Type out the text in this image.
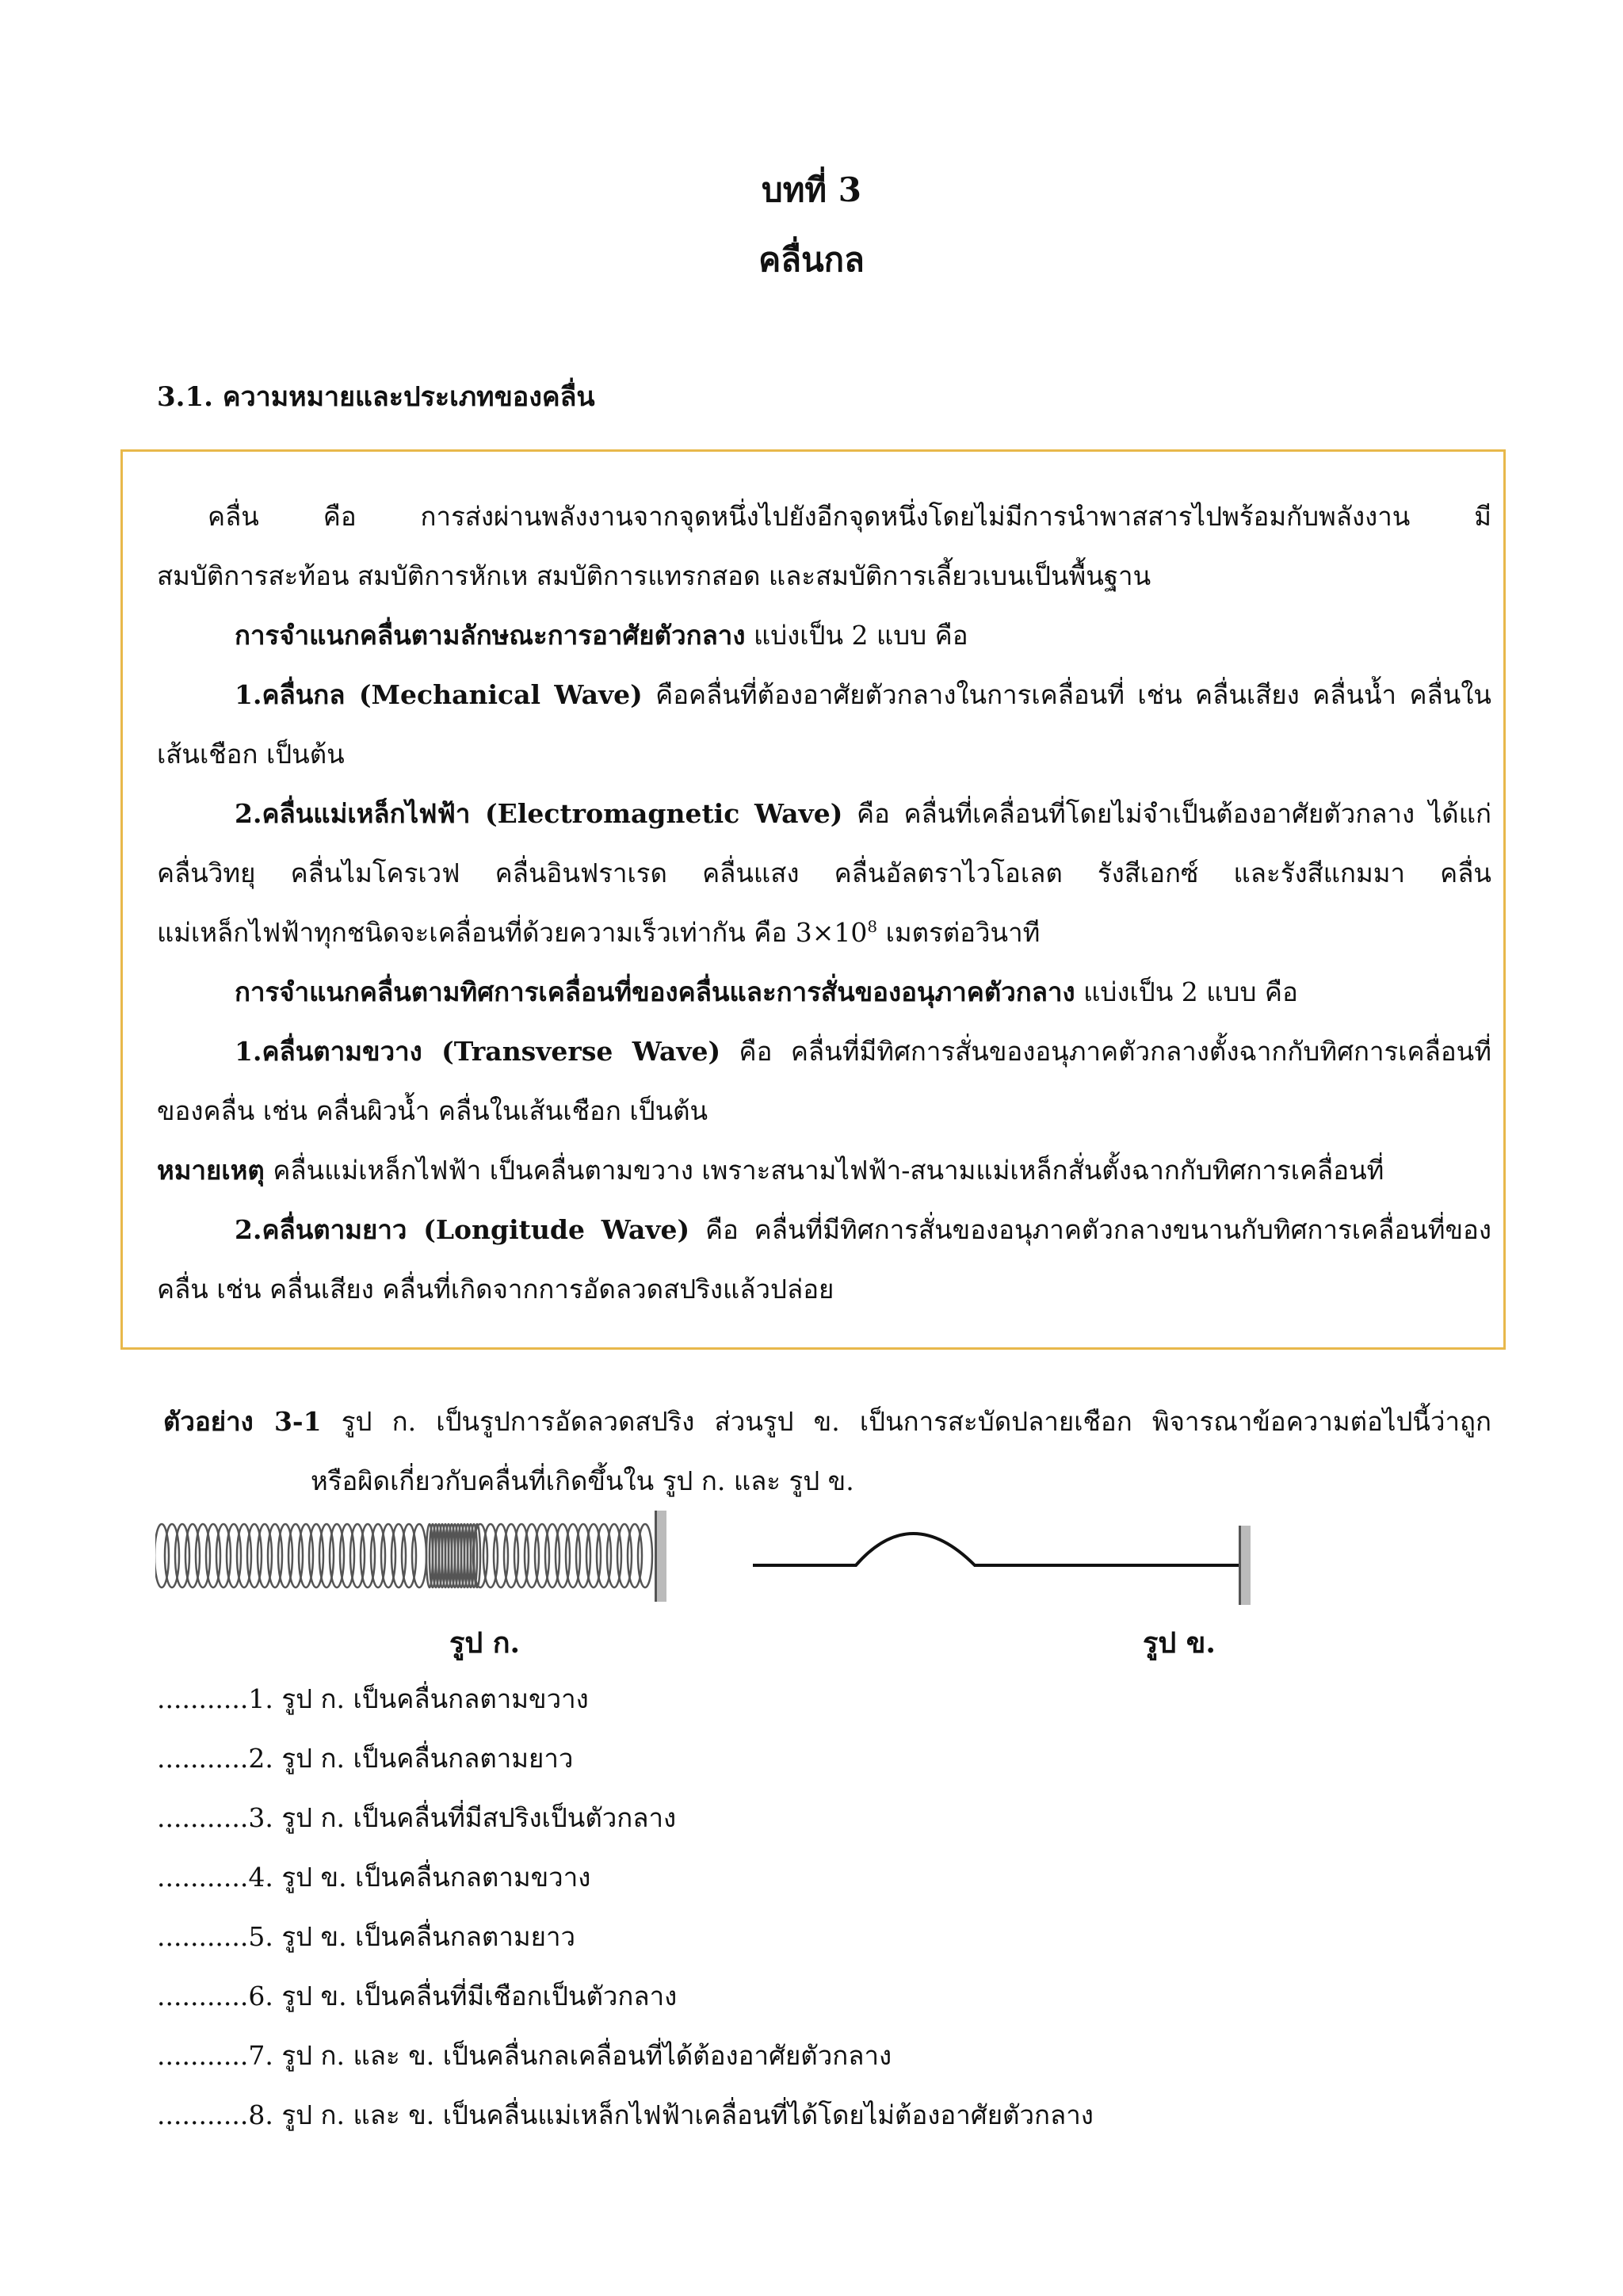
บทที่ 3
คลื่นกล
3.1. ความหมายและประเภทของคลื่น
คลื่น คือ การส่งผ่านพลังงานจากจุดหนึ่งไปยังอีกจุดหนึ่งโดยไม่มีการนำพาสสารไปพร้อมกับพลังงาน มี
สมบัติการสะท้อน สมบัติการหักเห สมบัติการแทรกสอด และสมบัติการเลี้ยวเบนเป็นพื้นฐาน
การจำแนกคลื่นตามลักษณะการอาศัยตัวกลาง แบ่งเป็น 2 แบบ คือ
1.คลื่นกล (Mechanical Wave) คือคลื่นที่ต้องอาศัยตัวกลางในการเคลื่อนที่ เช่น คลื่นเสียง คลื่นน้ำ คลื่นใน
เส้นเชือก เป็นต้น
2.คลื่นแม่เหล็กไฟฟ้า (Electromagnetic Wave) คือ คลื่นที่เคลื่อนที่โดยไม่จำเป็นต้องอาศัยตัวกลาง ได้แก่
คลื่นวิทยุ คลื่นไมโครเวฟ คลื่นอินฟราเรด คลื่นแสง คลื่นอัลตราไวโอเลต รังสีเอกซ์ และรังสีแกมมา คลื่น
แม่เหล็กไฟฟ้าทุกชนิดจะเคลื่อนที่ด้วยความเร็วเท่ากัน คือ $3\times 10^8$ เมตรต่อวินาที
การจำแนกคลื่นตามทิศการเคลื่อนที่ของคลื่นและการสั่นของอนุภาคตัวกลาง แบ่งเป็น 2 แบบ คือ
1.คลื่นตามขวาง (Transverse Wave) คือ คลื่นที่มีทิศการสั่นของอนุภาคตัวกลางตั้งฉากกับทิศการเคลื่อนที่
ของคลื่น เช่น คลื่นผิวน้ำ คลื่นในเส้นเชือก เป็นต้น
หมายเหตุ คลื่นแม่เหล็กไฟฟ้า เป็นคลื่นตามขวาง เพราะสนามไฟฟ้า-สนามแม่เหล็กสั่นตั้งฉากกับทิศการเคลื่อนที่
2.คลื่นตามยาว (Longitude Wave) คือ คลื่นที่มีทิศการสั่นของอนุภาคตัวกลางขนานกับทิศการเคลื่อนที่ของ
คลื่น เช่น คลื่นเสียง คลื่นที่เกิดจากการอัดลวดสปริงแล้วปล่อย
ตัวอย่าง 3-1 รูป ก. เป็นรูปการอัดลวดสปริง ส่วนรูป ข. เป็นการสะบัดปลายเชือก พิจารณาข้อความต่อไปนี้ว่าถูก
หรือผิดเกี่ยวกับคลื่นที่เกิดขึ้นใน รูป ก. และ รูป ข.
รูป ก.	รูป ข.
...........1. รูป ก. เป็นคลื่นกลตามขวาง
...........2. รูป ก. เป็นคลื่นกลตามยาว
...........3. รูป ก. เป็นคลื่นที่มีสปริงเป็นตัวกลาง
...........4. รูป ข. เป็นคลื่นกลตามขวาง
...........5. รูป ข. เป็นคลื่นกลตามยาว
...........6. รูป ข. เป็นคลื่นที่มีเชือกเป็นตัวกลาง
...........7. รูป ก. และ ข. เป็นคลื่นกลเคลื่อนที่ได้ต้องอาศัยตัวกลาง
...........8. รูป ก. และ ข. เป็นคลื่นแม่เหล็กไฟฟ้าเคลื่อนที่ได้โดยไม่ต้องอาศัยตัวกลาง
